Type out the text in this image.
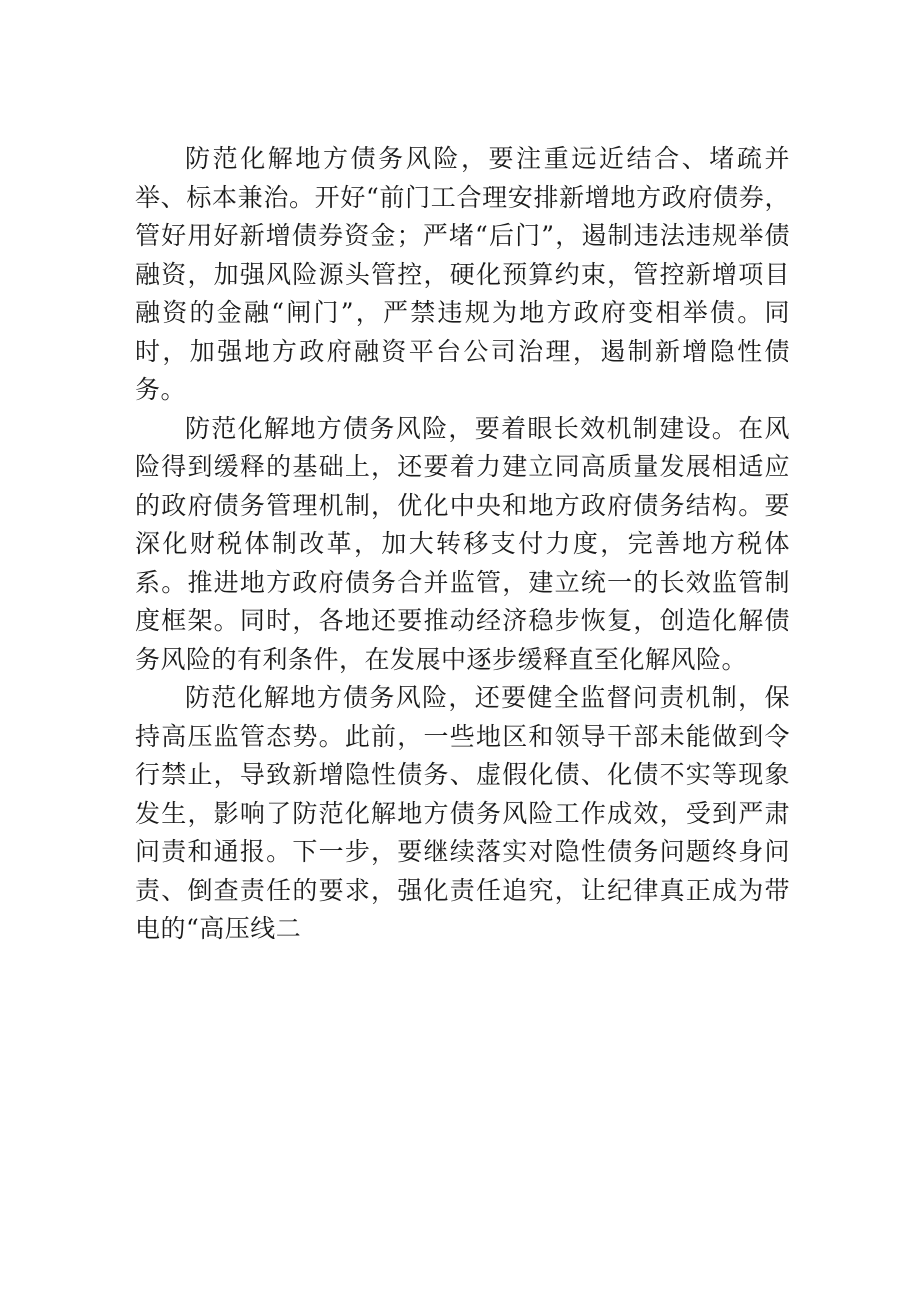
防范化解地方债务风险，要注重远近结合、堵疏并举、标本兼治。开好“前门工合理安排新增地方政府债券，管好用好新增债券资金；严堵“后门”，遏制违法违规举债融资，加强风险源头管控，硬化预算约束，管控新增项目融资的金融“闸门”，严禁违规为地方政府变相举债。同时，加强地方政府融资平台公司治理，遏制新增隐性债务。

防范化解地方债务风险，要着眼长效机制建设。在风险得到缓释的基础上，还要着力建立同高质量发展相适应的政府债务管理机制，优化中央和地方政府债务结构。要深化财税体制改革，加大转移支付力度，完善地方税体系。推进地方政府债务合并监管，建立统一的长效监管制度框架。同时，各地还要推动经济稳步恢复，创造化解债务风险的有利条件，在发展中逐步缓释直至化解风险。

防范化解地方债务风险，还要健全监督问责机制，保持高压监管态势。此前，一些地区和领导干部未能做到令行禁止，导致新增隐性债务、虚假化债、化债不实等现象发生，影响了防范化解地方债务风险工作成效，受到严肃问责和通报。下一步，要继续落实对隐性债务问题终身问责、倒查责任的要求，强化责任追究，让纪律真正成为带电的“高压线二
